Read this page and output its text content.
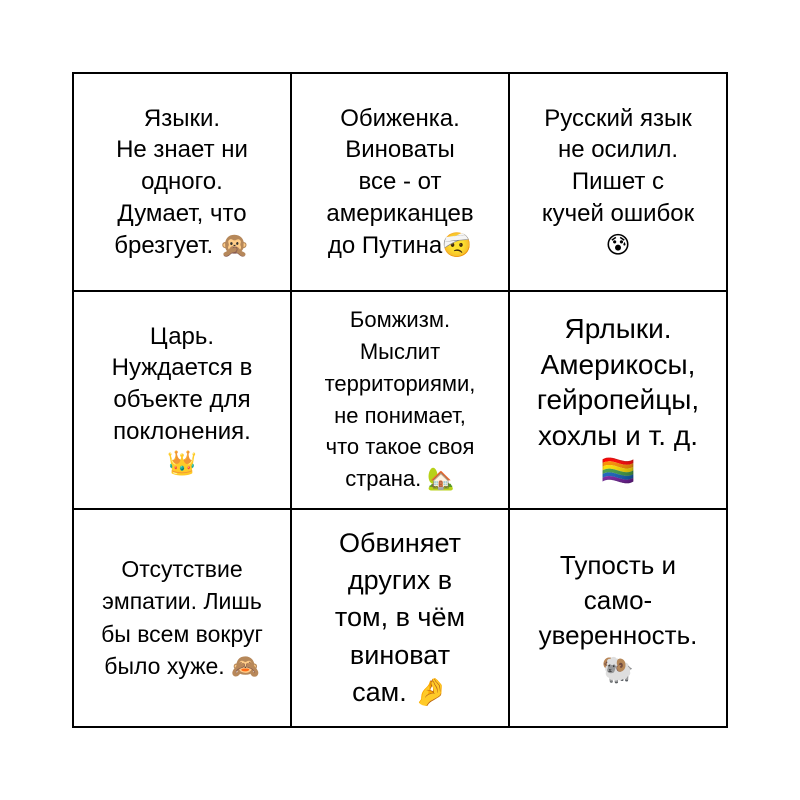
Языки.
Не знает ни
одного.
Думает, что
брезгует. 🙊
Обиженка.
Виноваты
все - от
американцев
до Путина🤕
Русский язык
не осилил.
Пишет с
кучей ошибок
😰
Царь.
Нуждается в
объекте для
поклонения.
👑
Бомжизм.
Мыслит
территориями,
не понимает,
что такое своя
страна. 🏡
Ярлыки.
Америкосы,
гейропейцы,
хохлы и т. д.
🏳️‍🌈
Отсутствие
эмпатии. Лишь
бы всем вокруг
было хуже. 🙈
Обвиняет
других в
том, в чём
виноват
сам. 🤌
Тупость и
само-
уверенность.
🐏
